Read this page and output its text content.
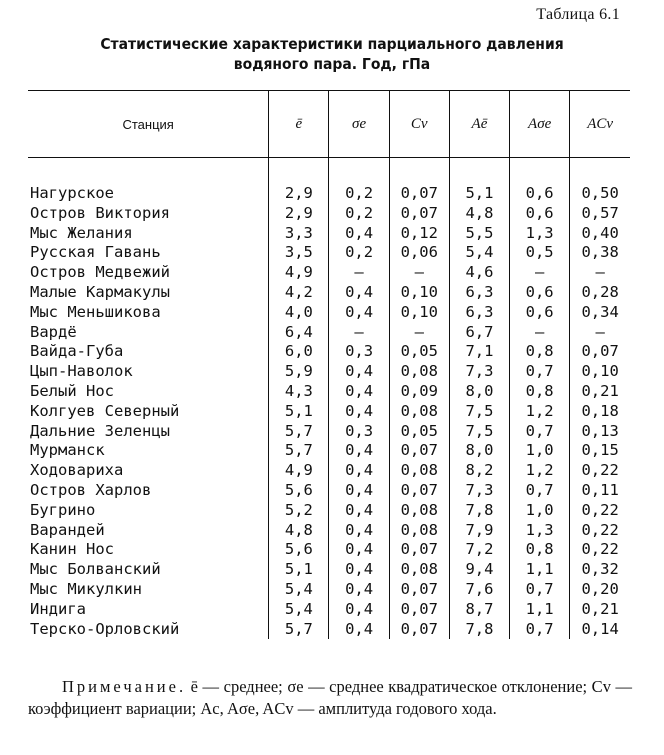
Таблица 6.1
Статистические характеристики парциального давления
водяного пара. Год, гПа
Станция	ē	σe	Cv	Aē	Aσe	ACv

Нагурское	2,9	0,2	0,07	5,1	0,6	0,50
Остров Виктория	2,9	0,2	0,07	4,8	0,6	0,57
Мыс Желания	3,3	0,4	0,12	5,5	1,3	0,40
Русская Гавань	3,5	0,2	0,06	5,4	0,5	0,38
Остров Медвежий	4,9	—	—	4,6	—	—
Малые Кармакулы	4,2	0,4	0,10	6,3	0,6	0,28
Мыс Меньшикова	4,0	0,4	0,10	6,3	0,6	0,34
Вардё	6,4	—	—	6,7	—	—
Вайда-Губа	6,0	0,3	0,05	7,1	0,8	0,07
Цып-Наволок	5,9	0,4	0,08	7,3	0,7	0,10
Белый Нос	4,3	0,4	0,09	8,0	0,8	0,21
Колгуев Северный	5,1	0,4	0,08	7,5	1,2	0,18
Дальние Зеленцы	5,7	0,3	0,05	7,5	0,7	0,13
Мурманск	5,7	0,4	0,07	8,0	1,0	0,15
Ходовариха	4,9	0,4	0,08	8,2	1,2	0,22
Остров Харлов	5,6	0,4	0,07	7,3	0,7	0,11
Бугрино	5,2	0,4	0,08	7,8	1,0	0,22
Варандей	4,8	0,4	0,08	7,9	1,3	0,22
Канин Нос	5,6	0,4	0,07	7,2	0,8	0,22
Мыс Болванский	5,1	0,4	0,08	9,4	1,1	0,32
Мыс Микулкин	5,4	0,4	0,07	7,6	0,7	0,20
Индига	5,4	0,4	0,07	8,7	1,1	0,21
Терско-Орловский	5,7	0,4	0,07	7,8	0,7	0,14
Примечание. ē — среднее; σe — среднее квадратическое отклонение; Cv — коэффициент вариации; Ac, Aσe, ACv — амплитуда годового хода.
